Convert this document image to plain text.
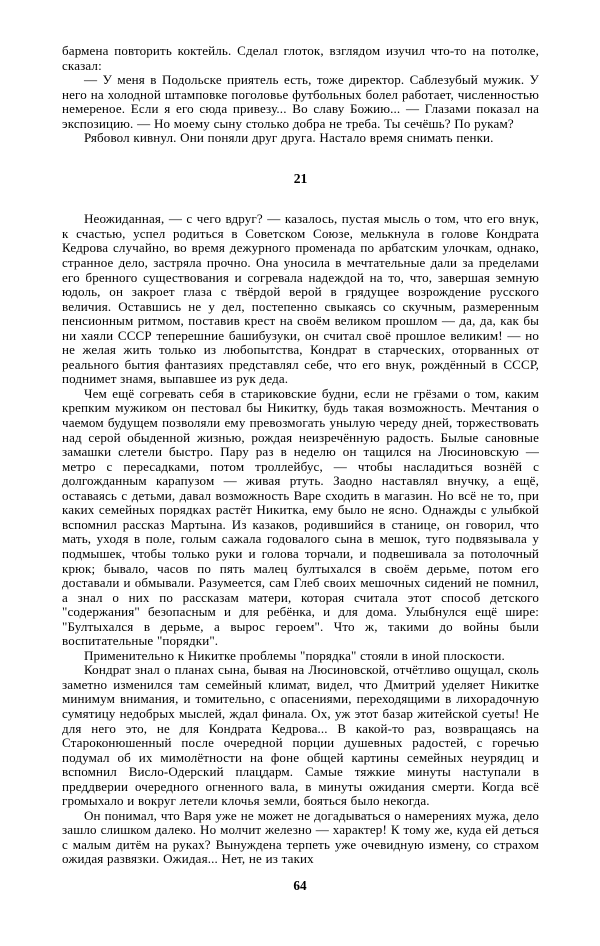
бармена повторить коктейль. Сделал глоток, взглядом изучил что-то на потолке, сказал:

— У меня в Подольске приятель есть, тоже директор. Саблезубый мужик. У него на холодной штамповке поголовье футбольных болел работает, численностью немереное. Если я его сюда привезу... Во славу Божию... — Глазами показал на экспозицию. — Но моему сыну столько добра не треба. Ты сечёшь? По рукам?

Рябовол кивнул. Они поняли друг друга. Настало время снимать пенки.

21

Неожиданная, — с чего вдруг? — казалось, пустая мысль о том, что его внук, к счастью, успел родиться в Советском Союзе, мелькнула в голове Кондрата Кедрова случайно, во время дежурного променада по арбатским улочкам, однако, странное дело, застряла прочно. Она уносила в мечтательные дали за пределами его бренного существования и согревала надеждой на то, что, завершая земную юдоль, он закроет глаза с твёрдой верой в грядущее возрождение русского величия. Оставшись не у дел, постепенно свыкаясь со скучным, размеренным пенсионным ритмом, поставив крест на своём великом прошлом — да, да, как бы ни хаяли СССР теперешние башибузуки, он считал своё прошлое великим! — но не желая жить только из любопытства, Кондрат в старческих, оторванных от реального бытия фантазиях представлял себе, что его внук, рождённый в СССР, поднимет знамя, выпавшее из рук деда.

Чем ещё согревать себя в стариковские будни, если не грёзами о том, каким крепким мужиком он пестовал бы Никитку, будь такая возможность. Мечтания о чаемом будущем позволяли ему превозмогать унылую череду дней, торжествовать над серой обыденной жизнью, рождая неизречённую радость. Былые сановные замашки слетели быстро. Пару раз в неделю он тащился на Люсиновскую — метро с пересадками, потом троллейбус, — чтобы насладиться вознёй с долгожданным карапузом — живая ртуть. Заодно наставлял внучку, а ещё, оставаясь с детьми, давал возможность Варе сходить в магазин. Но всё не то, при каких семейных порядках растёт Никитка, ему было не ясно. Однажды с улыбкой вспомнил рассказ Мартына. Из казаков, родившийся в станице, он говорил, что мать, уходя в поле, голым сажала годовалого сына в мешок, туго подвязывала у подмышек, чтобы только руки и голова торчали, и подвешивала за потолочный крюк; бывало, часов по пять малец бултыхался в своём дерьме, потом его доставали и обмывали. Разумеется, сам Глеб своих мешочных сидений не помнил, а знал о них по рассказам матери, которая считала этот способ детского "содержания" безопасным и для ребёнка, и для дома. Улыбнулся ещё шире: "Бултыхался в дерьме, а вырос героем". Что ж, такими до войны были воспитательные "порядки".

Применительно к Никитке проблемы "порядка" стояли в иной плоскости.

Кондрат знал о планах сына, бывая на Люсиновской, отчётливо ощущал, сколь заметно изменился там семейный климат, видел, что Дмитрий уделяет Никитке минимум внимания, и томительно, с опасениями, переходящими в лихорадочную сумятицу недобрых мыслей, ждал финала. Ох, уж этот базар житейской суеты! Не для него это, не для Кондрата Кедрова... В какой-то раз, возвращаясь на Староконюшенный после очередной порции душевных радостей, с горечью подумал об их мимолётности на фоне общей картины семейных неурядиц и вспомнил Висло-Одерский плацдарм. Самые тяжкие минуты наступали в преддверии очередного огненного вала, в минуты ожидания смерти. Когда всё громыхало и вокруг летели клочья земли, бояться было некогда.

Он понимал, что Варя уже не может не догадываться о намерениях мужа, дело зашло слишком далеко. Но молчит железно — характер! К тому же, куда ей деться с малым дитём на руках? Вынуждена терпеть уже очевидную измену, со страхом ожидая развязки. Ожидая... Нет, не из таких

64
